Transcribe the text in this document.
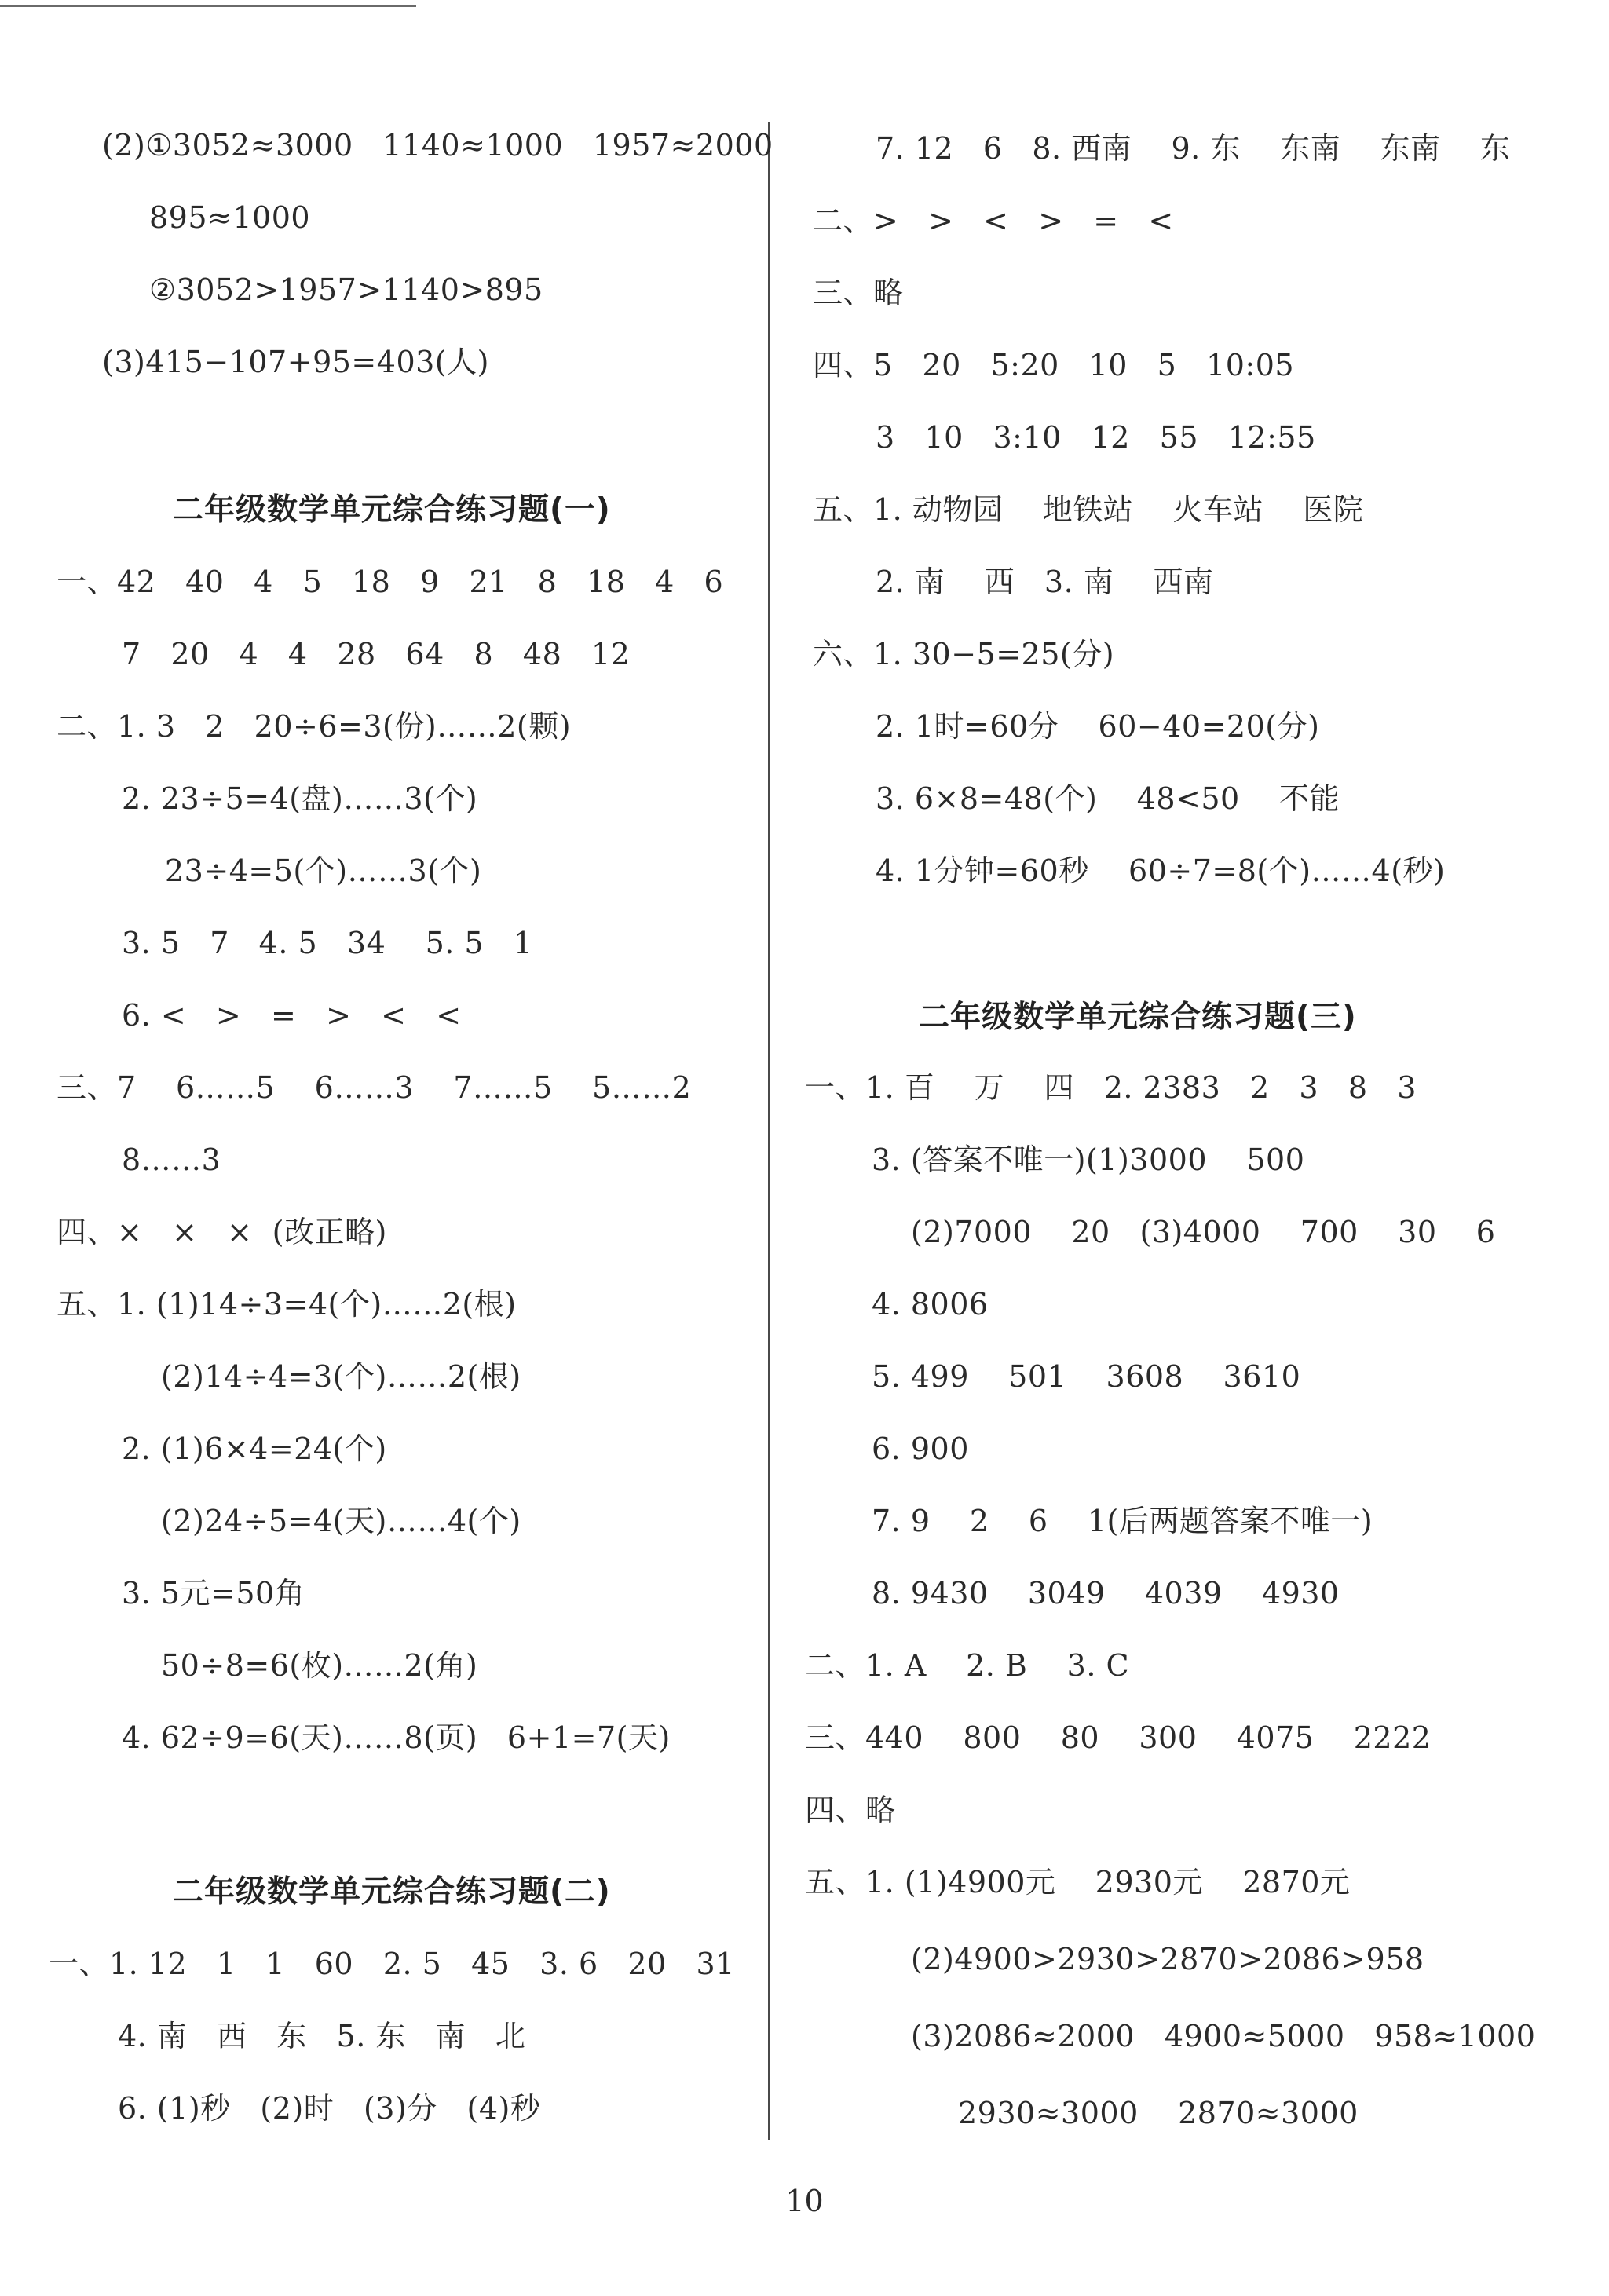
(2)①3052≈3000   1140≈1000   1957≈2000
895≈1000
②3052>1957>1140>895
(3)415−107+95=403(人)
二年级数学单元综合练习题(一)
一、42   40   4   5   18   9   21   8   18   4   6
7   20   4   4   28   64   8   48   12
二、1. 3   2   20÷6=3(份)……2(颗)
2. 23÷5=4(盘)……3(个)
23÷4=5(个)……3(个)
3. 5   7   4. 5   34    5. 5   1
6. <   >   =   >   <   <
三、7    6……5    6……3    7……5    5……2
8……3
四、×   ×   ×  (改正略)
五、1. (1)14÷3=4(个)……2(根)
(2)14÷4=3(个)……2(根)
2. (1)6×4=24(个)
(2)24÷5=4(天)……4(个)
3. 5元=50角
50÷8=6(枚)……2(角)
4. 62÷9=6(天)……8(页)   6+1=7(天)
二年级数学单元综合练习题(二)
一、1. 12   1   1   60   2. 5   45   3. 6   20   31
4. 南   西   东   5. 东   南   北
6. (1)秒   (2)时   (3)分   (4)秒
7. 12   6   8. 西南    9. 东    东南    东南    东
二、>   >   <   >   =   <
三、略
四、5   20   5:20   10   5   10:05
3   10   3:10   12   55   12:55
五、1. 动物园    地铁站    火车站    医院
2. 南    西   3. 南    西南
六、1. 30−5=25(分)
2. 1时=60分    60−40=20(分)
3. 6×8=48(个)    48<50    不能
4. 1分钟=60秒    60÷7=8(个)……4(秒)
二年级数学单元综合练习题(三)
一、1. 百    万    四   2. 2383   2   3   8   3
3. (答案不唯一)(1)3000    500
(2)7000    20   (3)4000    700    30    6
4. 8006
5. 499    501    3608    3610
6. 900
7. 9    2    6    1(后两题答案不唯一)
8. 9430    3049    4039    4930
二、1. A    2. B    3. C
三、440    800    80    300    4075    2222
四、略
五、1. (1)4900元    2930元    2870元
(2)4900>2930>2870>2086>958
(3)2086≈2000   4900≈5000   958≈1000
2930≈3000    2870≈3000
10
